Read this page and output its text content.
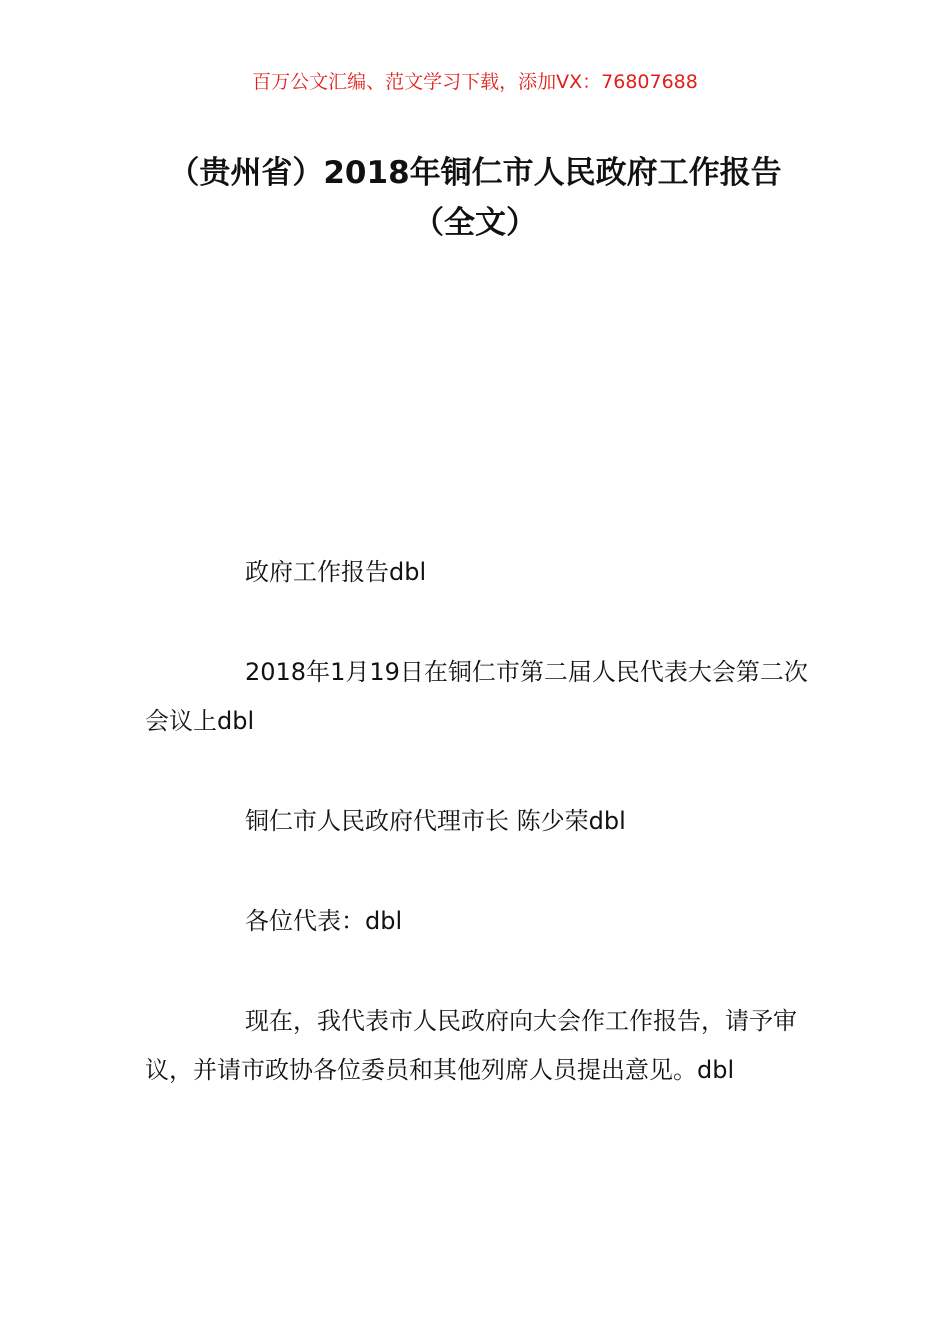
百万公文汇编、范文学习下载，添加VX：76807688
（贵州省）2018年铜仁市人民政府工作报告（全文）

政府工作报告dbl

2018年1月19日在铜仁市第二届人民代表大会第二次会议上dbl

铜仁市人民政府代理市长 陈少荣dbl

各位代表：dbl

现在，我代表市人民政府向大会作工作报告，请予审议，并请市政协各位委员和其他列席人员提出意见。dbl
